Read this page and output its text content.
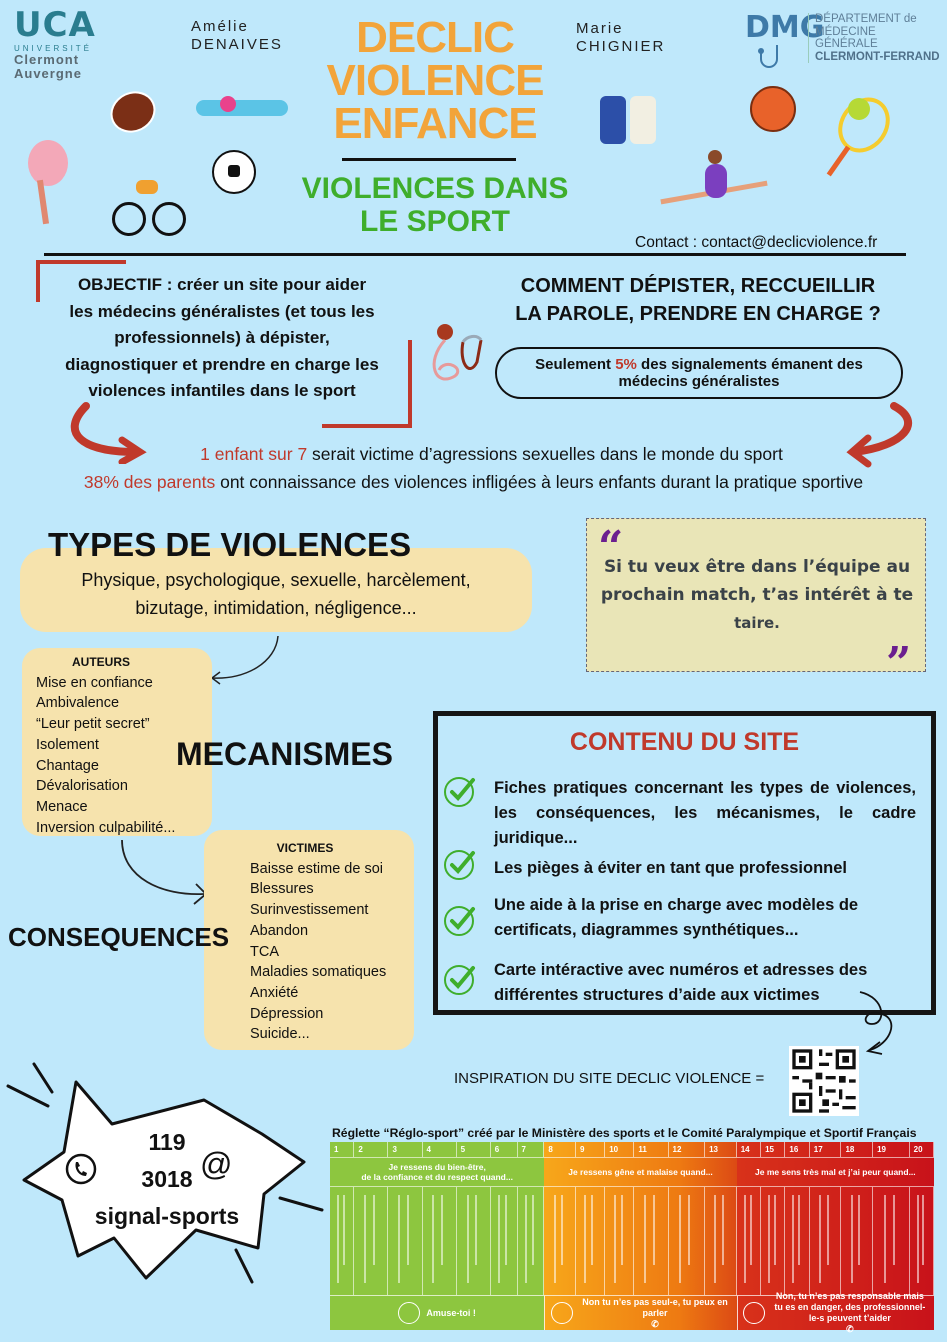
UCA
UNIVERSITÉ
Clermont
Auvergne
Amélie
DENAIVES
Marie
CHIGNIER
DECLIC
VIOLENCE
ENFANCE
VIOLENCES DANS
LE SPORT
DMG
DÉPARTEMENT de
MÉDECINE
GÉNÉRALE
CLERMONT-FERRAND
Contact : contact@declicviolence.fr
OBJECTIF : créer un site pour aider
les médecins généralistes (et tous les
professionnels) à dépister,
diagnostiquer et prendre en charge les
violences infantiles dans le sport
COMMENT DÉPISTER, RECCUEILLIR
LA PAROLE, PRENDRE EN CHARGE ?
Seulement 5% des signalements émanent des
médecins généralistes
1 enfant sur 7 serait victime d’agressions sexuelles dans le monde du sport
38% des parents ont connaissance des violences infligées à leurs enfants durant la pratique sportive
TYPES DE VIOLENCES
Physique, psychologique, sexuelle, harcèlement,
bizutage, intimidation, négligence...
“
”
Si tu veux être dans l’équipe au
prochain match, t’as intérêt à te
taire.
AUTEURS
Mise en confiance
Ambivalence
“Leur petit secret”
Isolement
Chantage
Dévalorisation
Menace
Inversion culpabilité...
MECANISMES
VICTIMES
Baisse estime de soi
Blessures
Surinvestissement
Abandon
TCA
Maladies somatiques
Anxiété
Dépression
Suicide...
CONSEQUENCES
CONTENU DU SITE
Fiches pratiques concernant les types de violences, les conséquences, les mécanismes, le cadre juridique...
Les pièges à éviter en tant que professionnel
Une aide à la prise en charge avec modèles de certificats, diagrammes synthétiques...
Carte intéractive avec numéros et adresses des différentes structures d’aide aux victimes
INSPIRATION DU SITE DECLIC VIOLENCE =
119
3018
signal-sports
@
Réglette “Réglo-sport” créé par le Ministère des sports et le Comité Paralympique et Sportif Français
1	2	3	4	5	6	7	8	9	10	11	12	13	14	15	16	17	18	19	20
Je ressens du bien-être,
de la confiance et du respect quand...
Amuse-toi !
Je ressens gêne et malaise quand...
Non tu n’es pas seul-e, tu peux en parler
✆
Je me sens très mal et j’ai peur quand...
Non, tu n’es pas responsable mais tu es en danger, des professionnel-le-s peuvent t’aider
✆
